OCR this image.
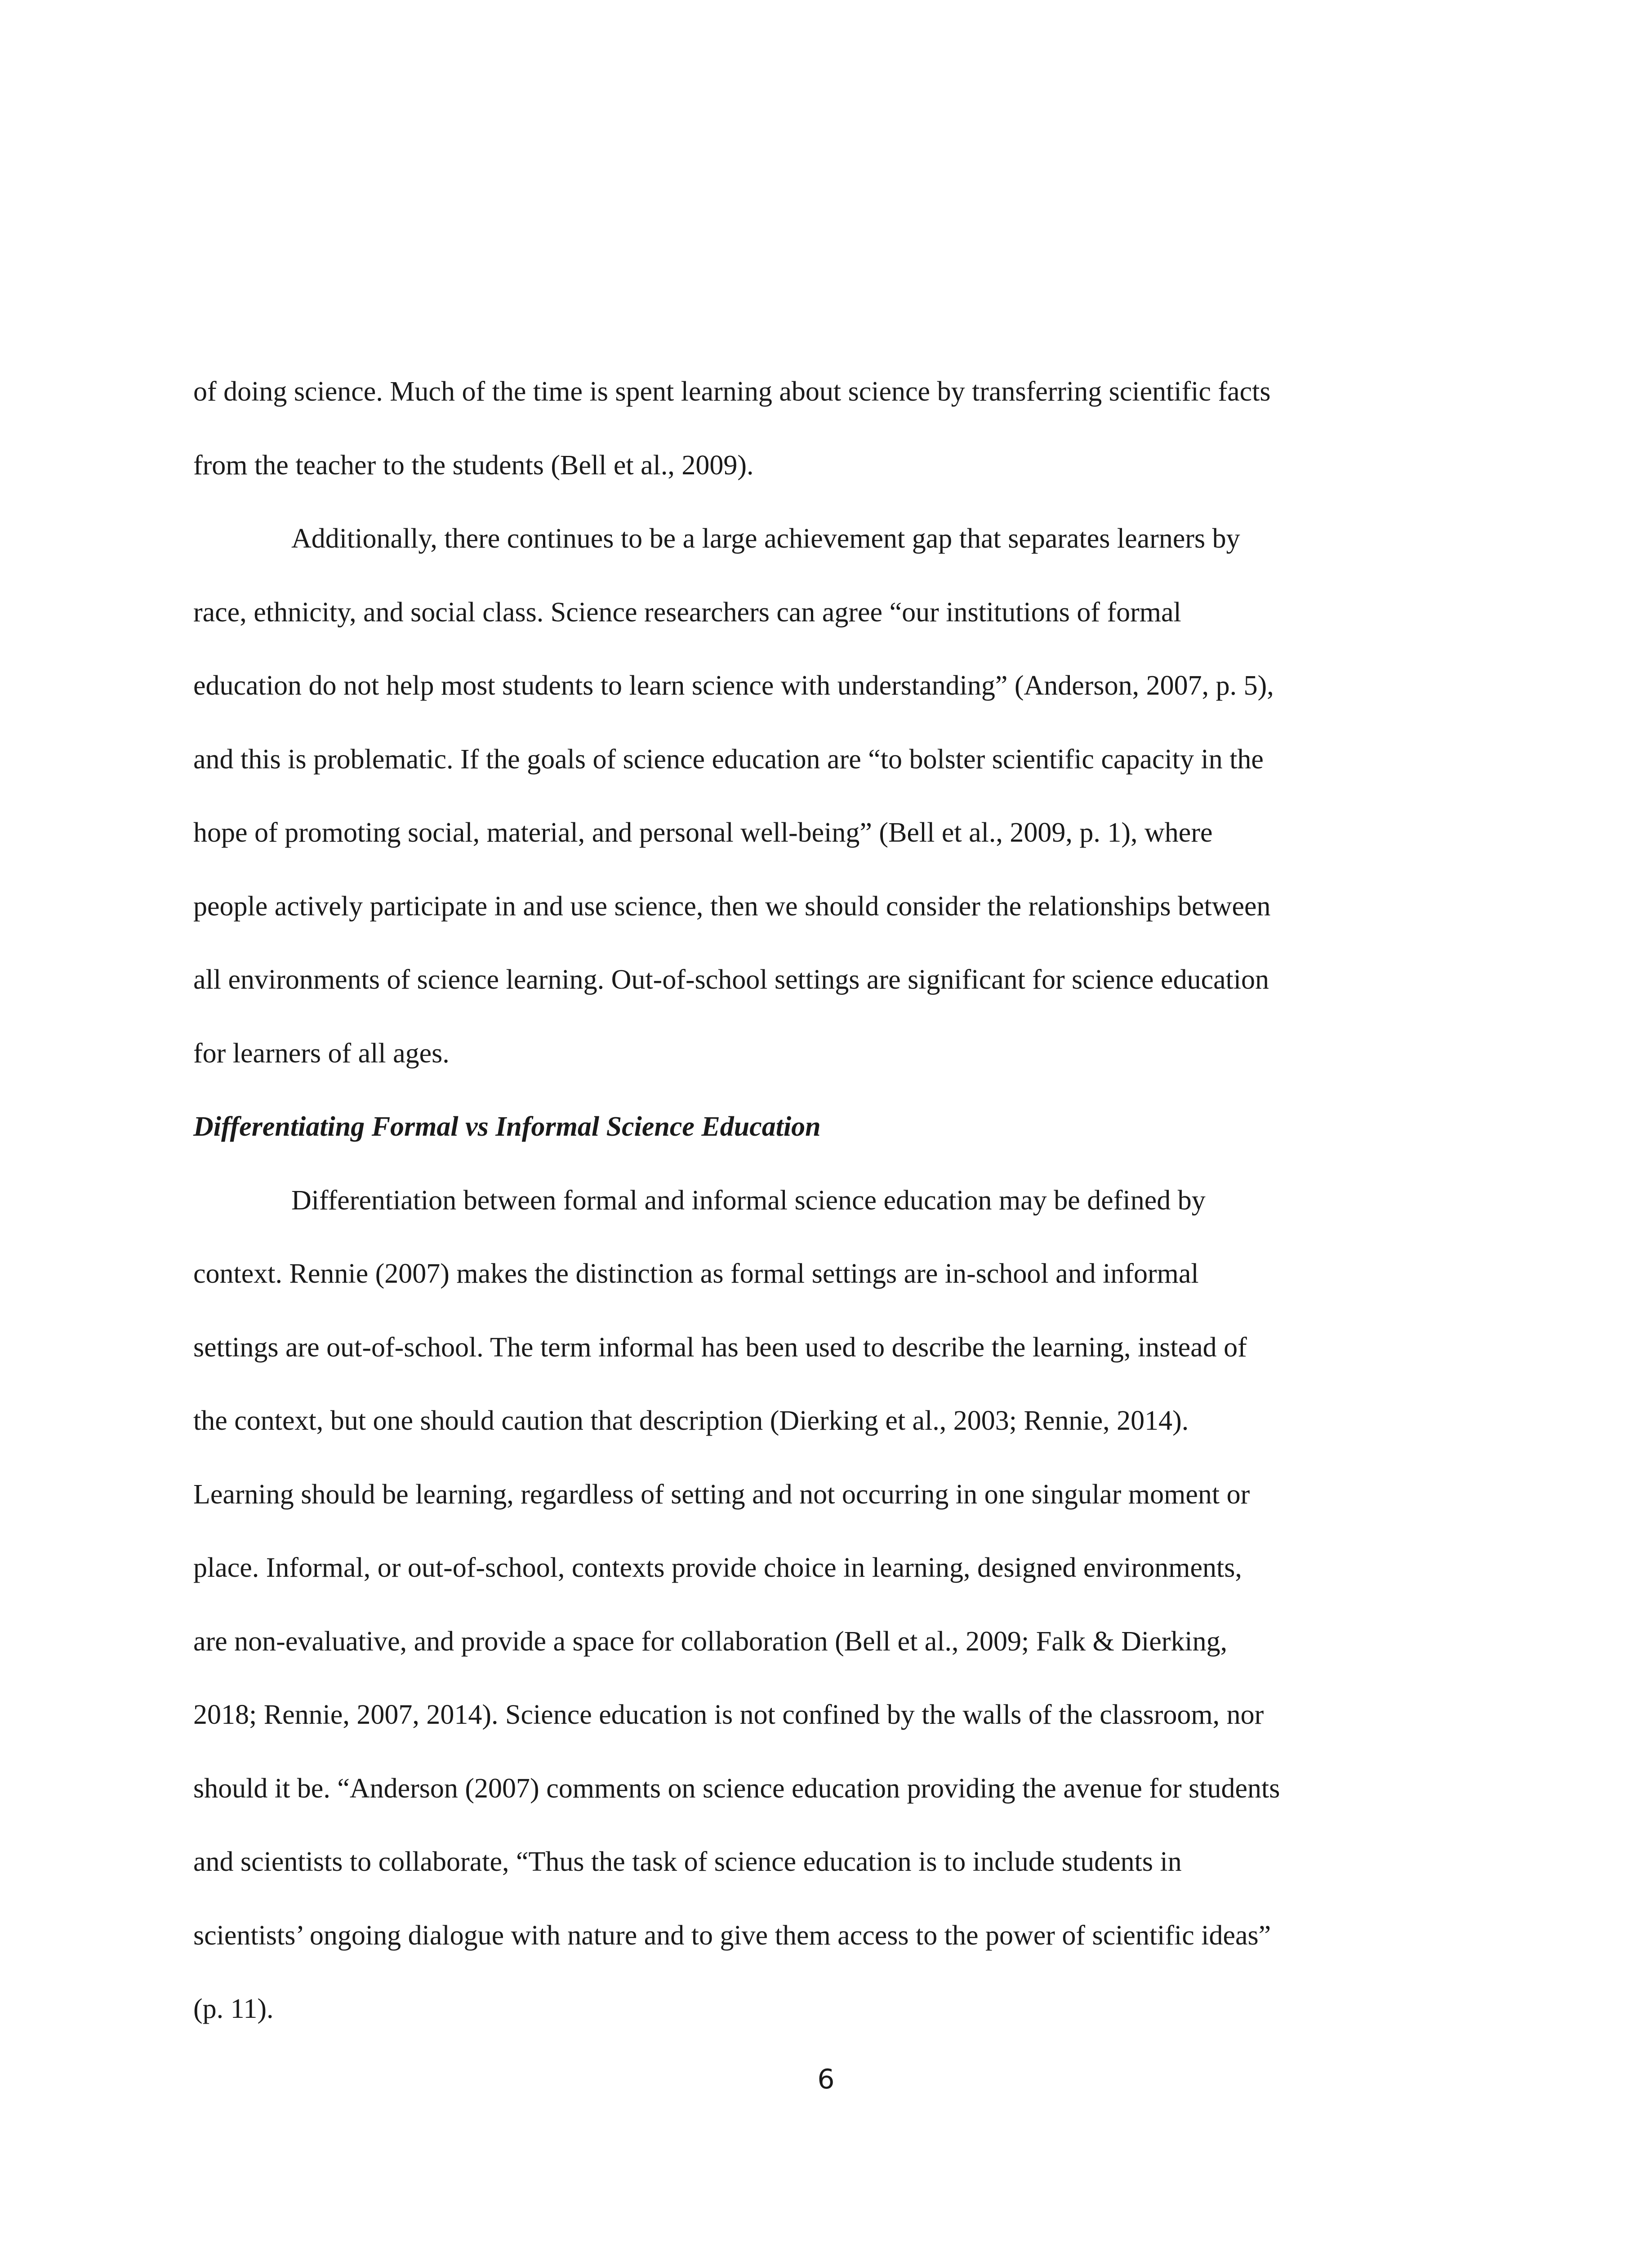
of doing science. Much of the time is spent learning about science by transferring scientific facts
from the teacher to the students (Bell et al., 2009).
Additionally, there continues to be a large achievement gap that separates learners by
race, ethnicity, and social class. Science researchers can agree “our institutions of formal
education do not help most students to learn science with understanding” (Anderson, 2007, p. 5),
and this is problematic. If the goals of science education are “to bolster scientific capacity in the
hope of promoting social, material, and personal well-being” (Bell et al., 2009, p. 1), where
people actively participate in and use science, then we should consider the relationships between
all environments of science learning. Out-of-school settings are significant for science education
for learners of all ages.
Differentiating Formal vs Informal Science Education
Differentiation between formal and informal science education may be defined by
context. Rennie (2007) makes the distinction as formal settings are in-school and informal
settings are out-of-school. The term informal has been used to describe the learning, instead of
the context, but one should caution that description (Dierking et al., 2003; Rennie, 2014).
Learning should be learning, regardless of setting and not occurring in one singular moment or
place. Informal, or out-of-school, contexts provide choice in learning, designed environments,
are non-evaluative, and provide a space for collaboration (Bell et al., 2009; Falk & Dierking,
2018; Rennie, 2007, 2014). Science education is not confined by the walls of the classroom, nor
should it be. “Anderson (2007) comments on science education providing the avenue for students
and scientists to collaborate, “Thus the task of science education is to include students in
scientists’ ongoing dialogue with nature and to give them access to the power of scientific ideas”
(p. 11).
6
